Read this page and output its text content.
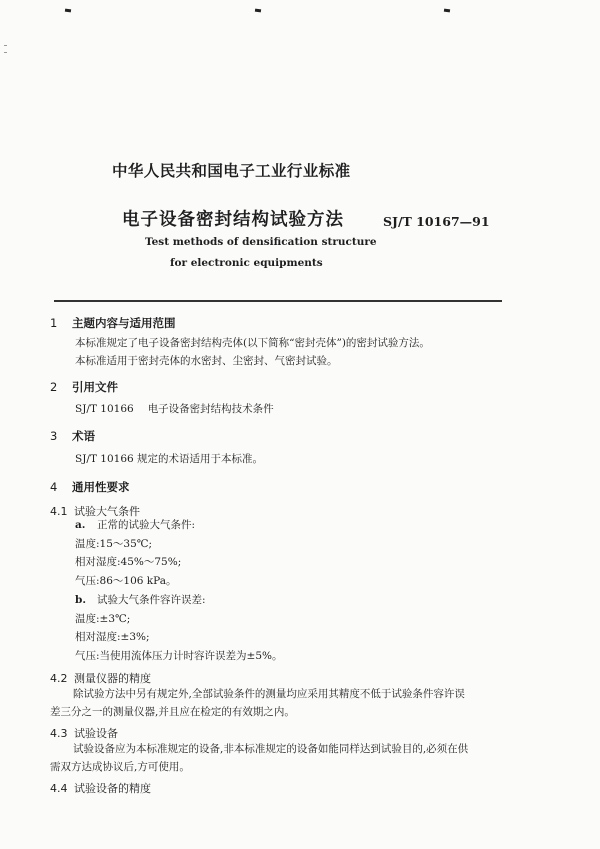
中华人民共和国电子工业行业标准
电子设备密封结构试验方法	SJ/T 10167—91
Test methods of densification structure
for electronic equipments
1 主题内容与适用范围
本标准规定了电子设备密封结构壳体(以下简称“密封壳体”)的密封试验方法。
本标准适用于密封壳体的水密封、尘密封、气密封试验。
2 引用文件
SJ/T 10166 电子设备密封结构技术条件
3 术语
SJ/T 10166 规定的术语适用于本标准。
4 通用性要求
4.1 试验大气条件
a. 正常的试验大气条件:
温度:15～35℃;
相对湿度:45%～75%;
气压:86～106 kPa。
b. 试验大气条件容许误差:
温度:±3℃;
相对湿度:±3%;
气压:当使用流体压力计时容许误差为±5%。
4.2 测量仪器的精度
除试验方法中另有规定外,全部试验条件的测量均应采用其精度不低于试验条件容许误
差三分之一的测量仪器,并且应在检定的有效期之内。
4.3 试验设备
试验设备应为本标准规定的设备,非本标准规定的设备如能同样达到试验目的,必须在供
需双方达成协议后,方可使用。
4.4 试验设备的精度
